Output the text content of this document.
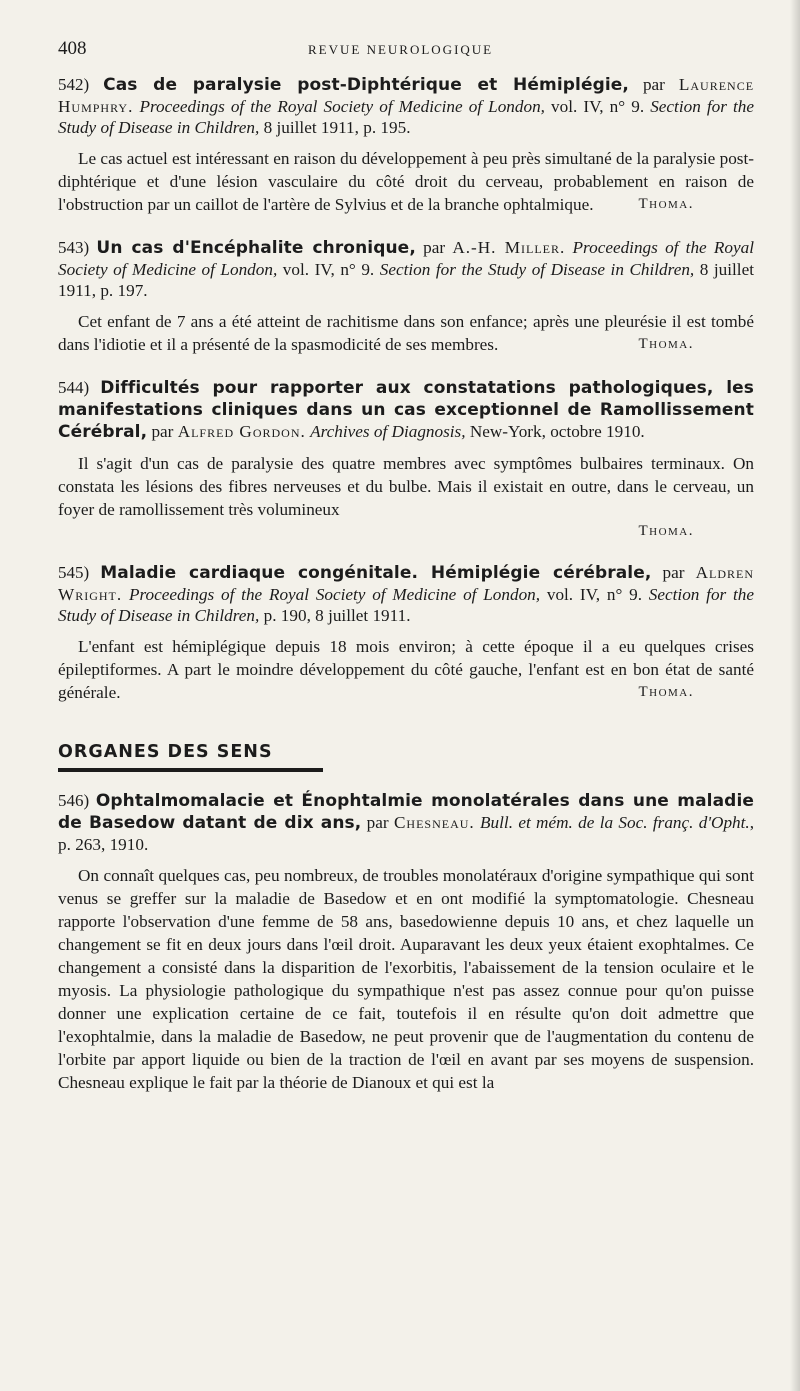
408	REVUE NEUROLOGIQUE

542) Cas de paralysie post-Diphtérique et Hémiplégie, par Laurence Humphry. Proceedings of the Royal Society of Medicine of London, vol. IV, n° 9. Section for the Study of Disease in Children, 8 juillet 1911, p. 195.

Le cas actuel est intéressant en raison du développement à peu près simultané de la paralysie post-diphtérique et d'une lésion vasculaire du côté droit du cerveau, probablement en raison de l'obstruction par un caillot de l'artère de Sylvius et de la branche ophtalmique.	Thoma.

543) Un cas d'Encéphalite chronique, par A.-H. Miller. Proceedings of the Royal Society of Medicine of London, vol. IV, n° 9. Section for the Study of Disease in Children, 8 juillet 1911, p. 197.

Cet enfant de 7 ans a été atteint de rachitisme dans son enfance; après une pleurésie il est tombé dans l'idiotie et il a présenté de la spasmodicité de ses membres.	Thoma.

544) Difficultés pour rapporter aux constatations pathologiques, les manifestations cliniques dans un cas exceptionnel de Ramollissement Cérébral, par Alfred Gordon. Archives of Diagnosis, New-York, octobre 1910.

Il s'agit d'un cas de paralysie des quatre membres avec symptômes bulbaires terminaux. On constata les lésions des fibres nerveuses et du bulbe. Mais il existait en outre, dans le cerveau, un foyer de ramollissement très volumineux

Thoma.

545) Maladie cardiaque congénitale. Hémiplégie cérébrale, par Aldren Wright. Proceedings of the Royal Society of Medicine of London, vol. IV, n° 9. Section for the Study of Disease in Children, p. 190, 8 juillet 1911.

L'enfant est hémiplégique depuis 18 mois environ; à cette époque il a eu quelques crises épileptiformes. A part le moindre développement du côté gauche, l'enfant est en bon état de santé générale.	Thoma.

ORGANES DES SENS

546) Ophtalmomalacie et Énophtalmie monolatérales dans une maladie de Basedow datant de dix ans, par Chesneau. Bull. et mém. de la Soc. franç. d'Opht., p. 263, 1910.

On connaît quelques cas, peu nombreux, de troubles monolatéraux d'origine sympathique qui sont venus se greffer sur la maladie de Basedow et en ont modifié la symptomatologie. Chesneau rapporte l'observation d'une femme de 58 ans, basedowienne depuis 10 ans, et chez laquelle un changement se fit en deux jours dans l'œil droit. Auparavant les deux yeux étaient exophtalmes. Ce changement a consisté dans la disparition de l'exorbitis, l'abaissement de la tension oculaire et le myosis. La physiologie pathologique du sympathique n'est pas assez connue pour qu'on puisse donner une explication certaine de ce fait, toutefois il en résulte qu'on doit admettre que l'exophtalmie, dans la maladie de Basedow, ne peut provenir que de l'augmentation du contenu de l'orbite par apport liquide ou bien de la traction de l'œil en avant par ses moyens de suspension. Chesneau explique le fait par la théorie de Dianoux et qui est la
